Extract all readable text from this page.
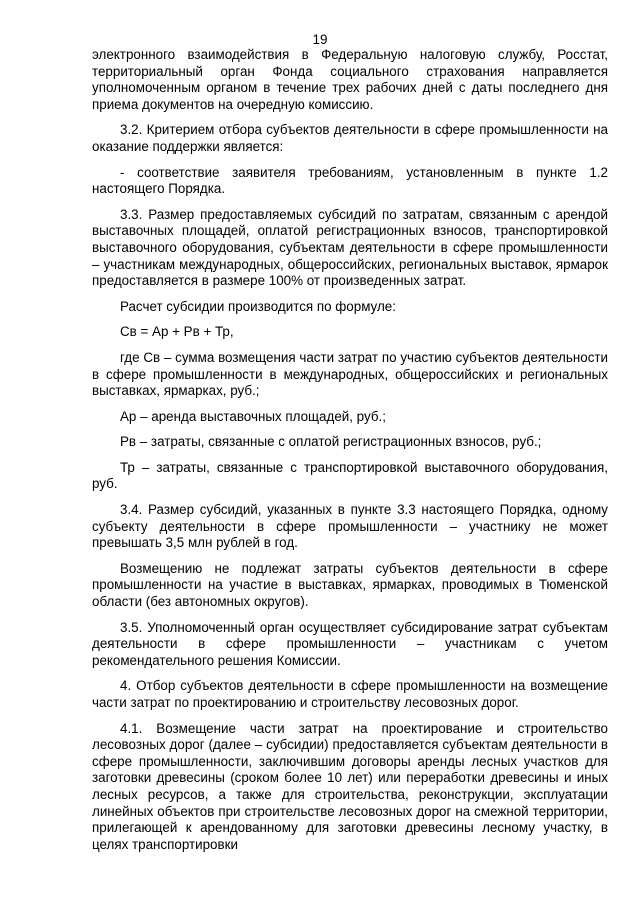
19

электронного взаимодействия в Федеральную налоговую службу, Росстат, территориальный орган Фонда социального страхования направляется уполномоченным органом в течение трех рабочих дней с даты последнего дня приема документов на очередную комиссию.

3.2. Критерием отбора субъектов деятельности в сфере промышленности на оказание поддержки является:

- соответствие заявителя требованиям, установленным в пункте 1.2 настоящего Порядка.

3.3. Размер предоставляемых субсидий по затратам, связанным с арендой выставочных площадей, оплатой регистрационных взносов, транспортировкой выставочного оборудования, субъектам деятельности в сфере промышленности – участникам международных, общероссийских, региональных выставок, ярмарок предоставляется в размере 100% от произведенных затрат.

Расчет субсидии производится по формуле:

Св = Ар + Рв + Тр,

где Св – сумма возмещения части затрат по участию субъектов деятельности в сфере промышленности в международных, общероссийских и региональных выставках, ярмарках, руб.;

Ар – аренда выставочных площадей, руб.;

Рв – затраты, связанные с оплатой регистрационных взносов, руб.;

Тр – затраты, связанные с транспортировкой выставочного оборудования, руб.

3.4. Размер субсидий, указанных в пункте 3.3 настоящего Порядка, одному субъекту деятельности в сфере промышленности – участнику не может превышать 3,5 млн рублей в год.

Возмещению не подлежат затраты субъектов деятельности в сфере промышленности на участие в выставках, ярмарках, проводимых в Тюменской области (без автономных округов).

3.5. Уполномоченный орган осуществляет субсидирование затрат субъектам деятельности в сфере промышленности – участникам с учетом рекомендательного решения Комиссии.

4. Отбор субъектов деятельности в сфере промышленности на возмещение части затрат по проектированию и строительству лесовозных дорог.

4.1. Возмещение части затрат на проектирование и строительство лесовозных дорог (далее – субсидии) предоставляется субъектам деятельности в сфере промышленности, заключившим договоры аренды лесных участков для заготовки древесины (сроком более 10 лет) или переработки древесины и иных лесных ресурсов, а также для строительства, реконструкции, эксплуатации линейных объектов при строительстве лесовозных дорог на смежной территории, прилегающей к арендованному для заготовки древесины лесному участку, в целях транспортировки
